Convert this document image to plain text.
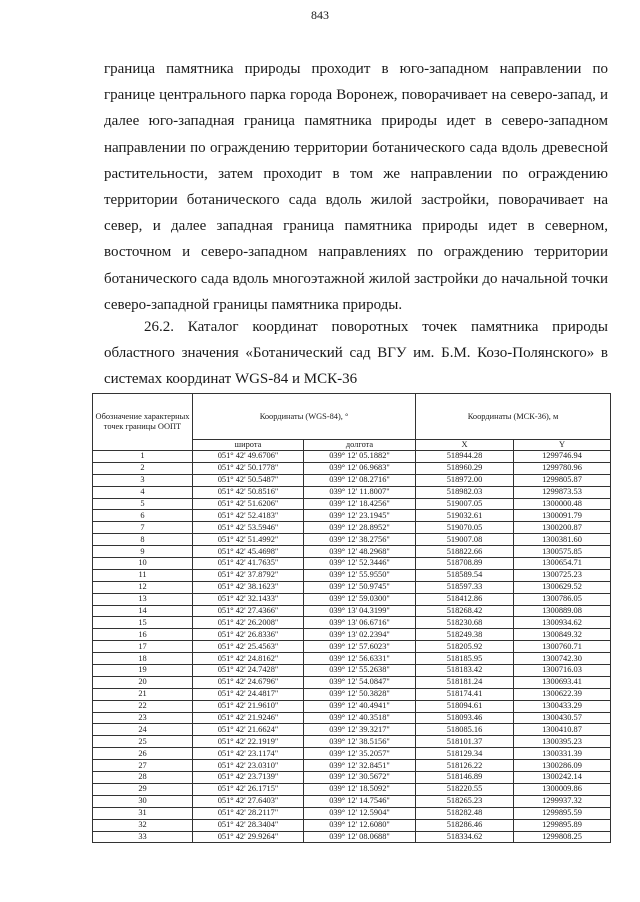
843

граница памятника природы проходит в юго-западном направлении по границе центрального парка города Воронеж, поворачивает на северо-запад, и далее юго-западная граница памятника природы идет в северо-западном направлении по ограждению территории ботанического сада вдоль древесной растительности, затем проходит в том же направлении по ограждению территории ботанического сада вдоль жилой застройки, поворачивает на север, и далее западная граница памятника природы идет в северном, восточном и северо-западном направлениях по ограждению территории ботанического сада вдоль многоэтажной жилой застройки до начальной точки северо-западной границы памятника природы.

26.2. Каталог координат поворотных точек памятника природы областного значения «Ботанический сад ВГУ им. Б.М. Козо-Полянского» в системах координат WGS-84 и МСК-36

Обозначение характерных точек границы ООПТ	Координаты (WGS-84), °		Координаты (МСК-36), м	
	широта	долгота	X	Y
1	051° 42' 49.6706"	039° 12' 05.1882"	518944.28	1299746.94
2	051° 42' 50.1778"	039° 12' 06.9683"	518960.29	1299780.96
3	051° 42' 50.5487"	039° 12' 08.2716"	518972.00	1299805.87
4	051° 42' 50.8516"	039° 12' 11.8007"	518982.03	1299873.53
5	051° 42' 51.6206"	039° 12' 18.4256"	519007.05	1300000.48
6	051° 42' 52.4183"	039° 12' 23.1945"	519032.61	1300091.79
7	051° 42' 53.5946"	039° 12' 28.8952"	519070.05	1300200.87
8	051° 42' 51.4992"	039° 12' 38.2756"	519007.08	1300381.60
9	051° 42' 45.4698"	039° 12' 48.2968"	518822.66	1300575.85
10	051° 42' 41.7635"	039° 12' 52.3446"	518708.89	1300654.71
11	051° 42' 37.8792"	039° 12' 55.9550"	518589.54	1300725.23
12	051° 42' 38.1623"	039° 12' 50.9745"	518597.33	1300629.52
13	051° 42' 32.1433"	039° 12' 59.0300"	518412.86	1300786.05
14	051° 42' 27.4366"	039° 13' 04.3199"	518268.42	1300889.08
15	051° 42' 26.2008"	039° 13' 06.6716"	518230.68	1300934.62
16	051° 42' 26.8336"	039° 13' 02.2394"	518249.38	1300849.32
17	051° 42' 25.4563"	039° 12' 57.6023"	518205.92	1300760.71
18	051° 42' 24.8162"	039° 12' 56.6331"	518185.95	1300742.30
19	051° 42' 24.7428"	039° 12' 55.2638"	518183.42	1300716.03
20	051° 42' 24.6796"	039° 12' 54.0847"	518181.24	1300693.41
21	051° 42' 24.4817"	039° 12' 50.3828"	518174.41	1300622.39
22	051° 42' 21.9610"	039° 12' 40.4941"	518094.61	1300433.29
23	051° 42' 21.9246"	039° 12' 40.3518"	518093.46	1300430.57
24	051° 42' 21.6624"	039° 12' 39.3217"	518085.16	1300410.87
25	051° 42' 22.1919"	039° 12' 38.5156"	518101.37	1300395.23
26	051° 42' 23.1174"	039° 12' 35.2057"	518129.34	1300331.39
27	051° 42' 23.0310"	039° 12' 32.8451"	518126.22	1300286.09
28	051° 42' 23.7139"	039° 12' 30.5672"	518146.89	1300242.14
29	051° 42' 26.1715"	039° 12' 18.5092"	518220.55	1300009.86
30	051° 42' 27.6403"	039° 12' 14.7546"	518265.23	1299937.32
31	051° 42' 28.2117"	039° 12' 12.5904"	518282.48	1299895.59
32	051° 42' 28.3404"	039° 12' 12.6080"	518286.46	1299895.89
33	051° 42' 29.9264"	039° 12' 08.0688"	518334.62	1299808.25
